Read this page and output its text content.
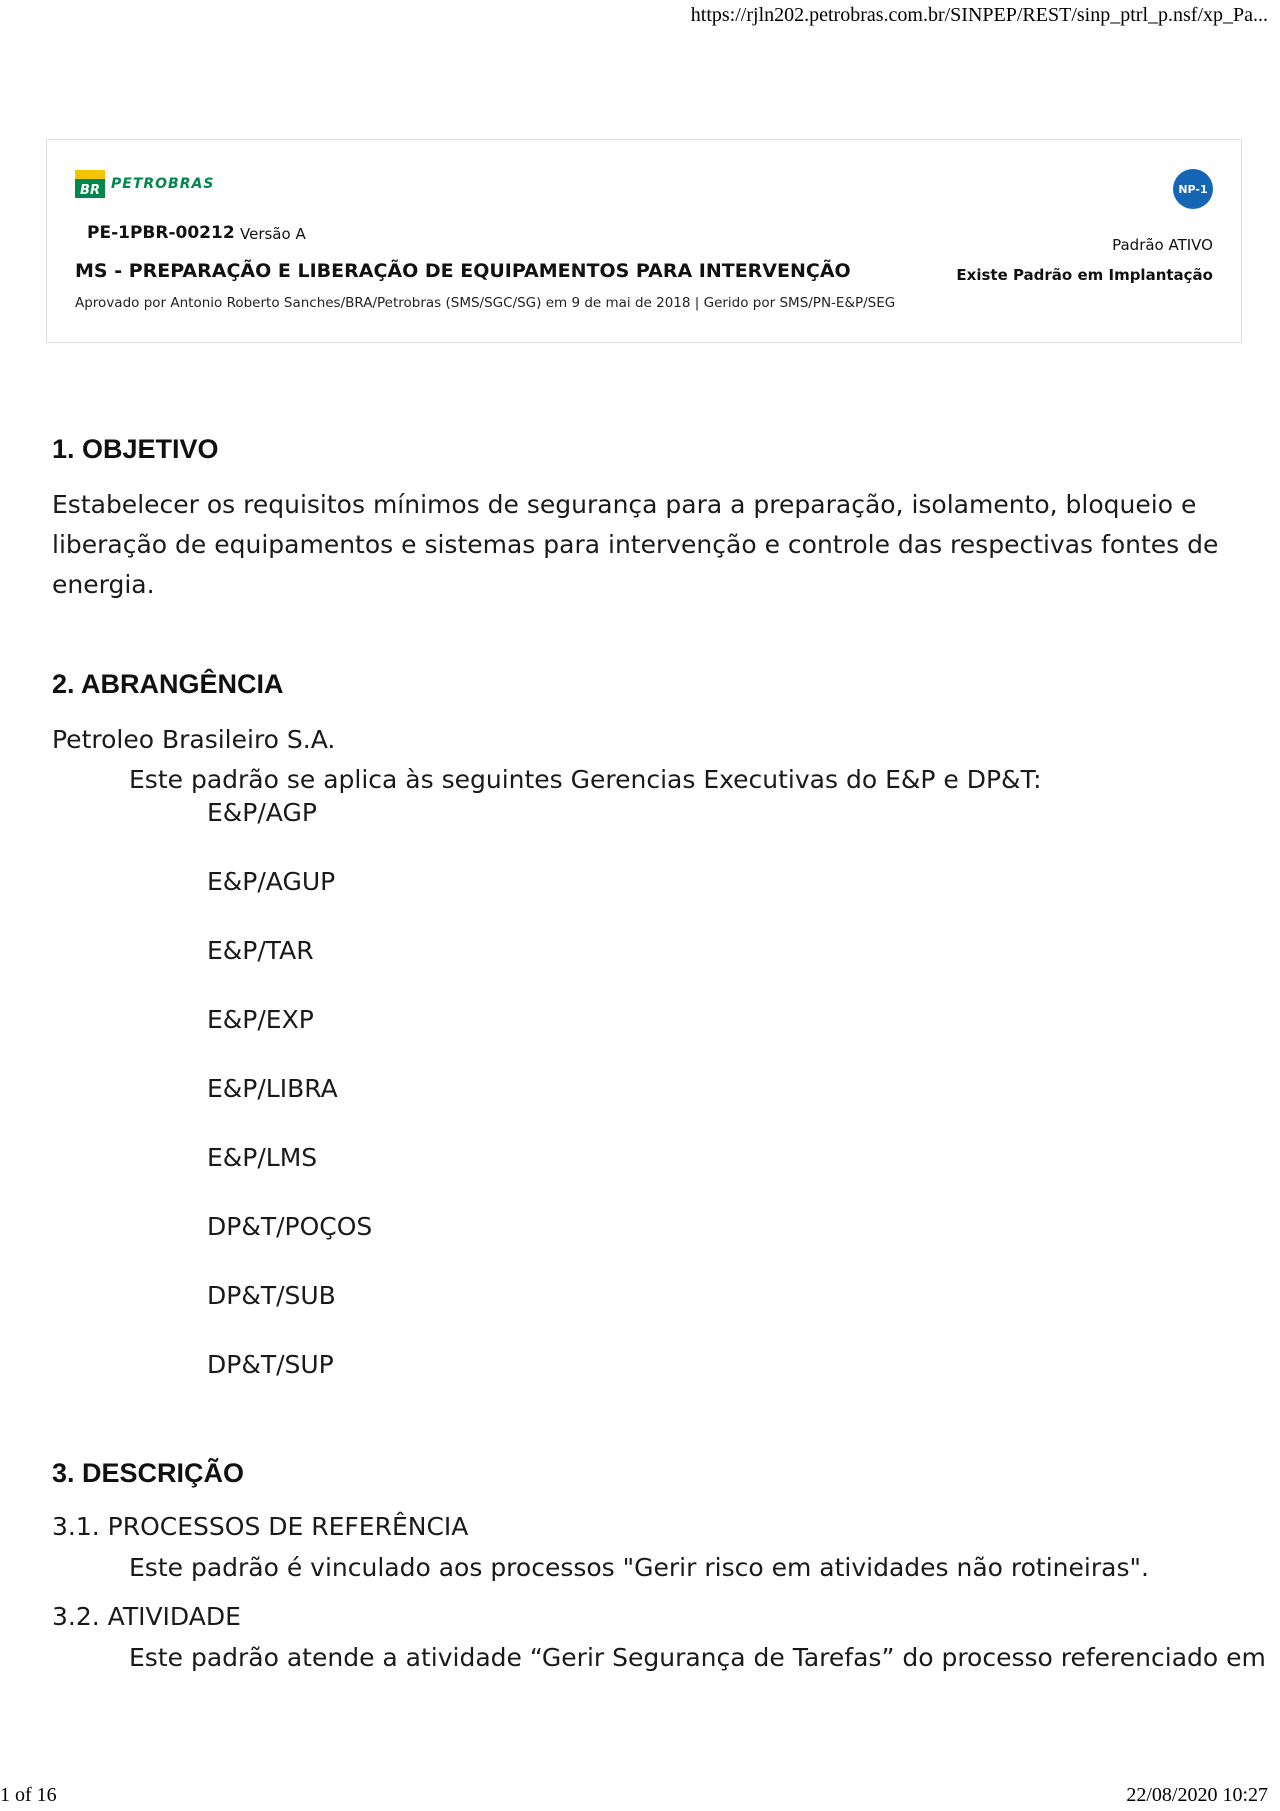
https://rjln202.petrobras.com.br/SINPEP/REST/sinp_ptrl_p.nsf/xp_Pa...
BR PETROBRAS	NP-1
PE-1PBR-00212 Versão A
MS - PREPARAÇÃO E LIBERAÇÃO DE EQUIPAMENTOS PARA INTERVENÇÃO
Aprovado por Antonio Roberto Sanches/BRA/Petrobras (SMS/SGC/SG) em 9 de mai de 2018 | Gerido por SMS/PN-E&P/SEG
Padrão ATIVO
Existe Padrão em Implantação
1. OBJETIVO
Estabelecer os requisitos mínimos de segurança para a preparação, isolamento, bloqueio e
liberação de equipamentos e sistemas para intervenção e controle das respectivas fontes de
energia.
2. ABRANGÊNCIA
Petroleo Brasileiro S.A.
Este padrão se aplica às seguintes Gerencias Executivas do E&P e DP&T:
E&P/AGP
E&P/AGUP
E&P/TAR
E&P/EXP
E&P/LIBRA
E&P/LMS
DP&T/POÇOS
DP&T/SUB
DP&T/SUP
3. DESCRIÇÃO
3.1. PROCESSOS DE REFERÊNCIA
Este padrão é vinculado aos processos "Gerir risco em atividades não rotineiras".
3.2. ATIVIDADE
Este padrão atende a atividade “Gerir Segurança de Tarefas” do processo referenciado em
1 of 16	22/08/2020 10:27
